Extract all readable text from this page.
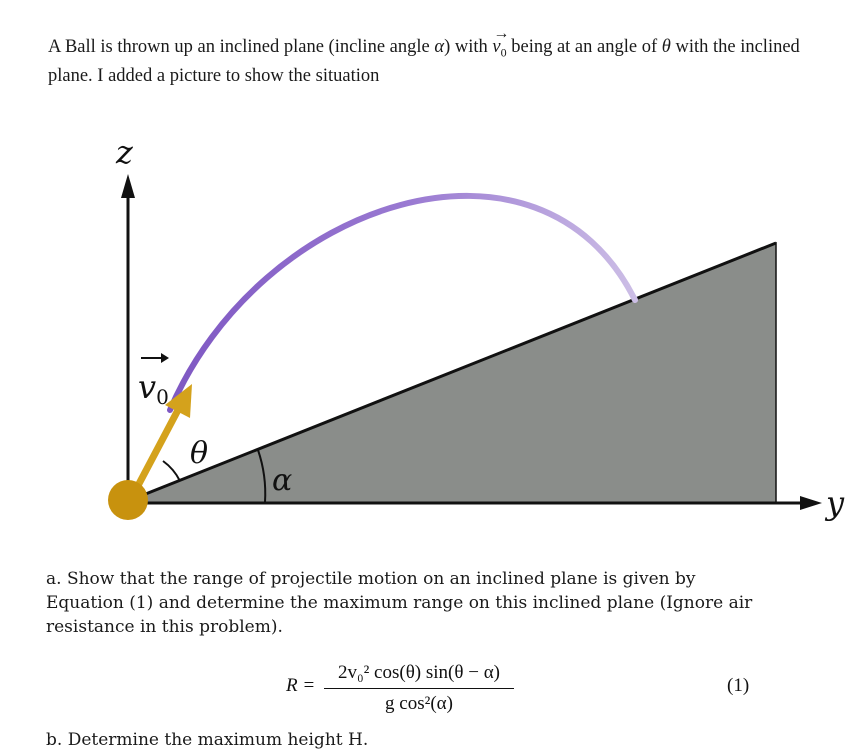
A Ball is thrown up an inclined plane (incline angle α) with → $v_0$ being at an angle of θ with the inclined plane. I added a picture to show the situation
z
y
v0
θ
α
a. Show that the range of projectile motion on an inclined plane is given by Equation (1) and determine the maximum range on this inclined plane (Ignore air resistance in this problem).
R =
2v₀² cos(θ) sin(θ − α)
g cos²(α)
(1)
b. Determine the maximum height H.
